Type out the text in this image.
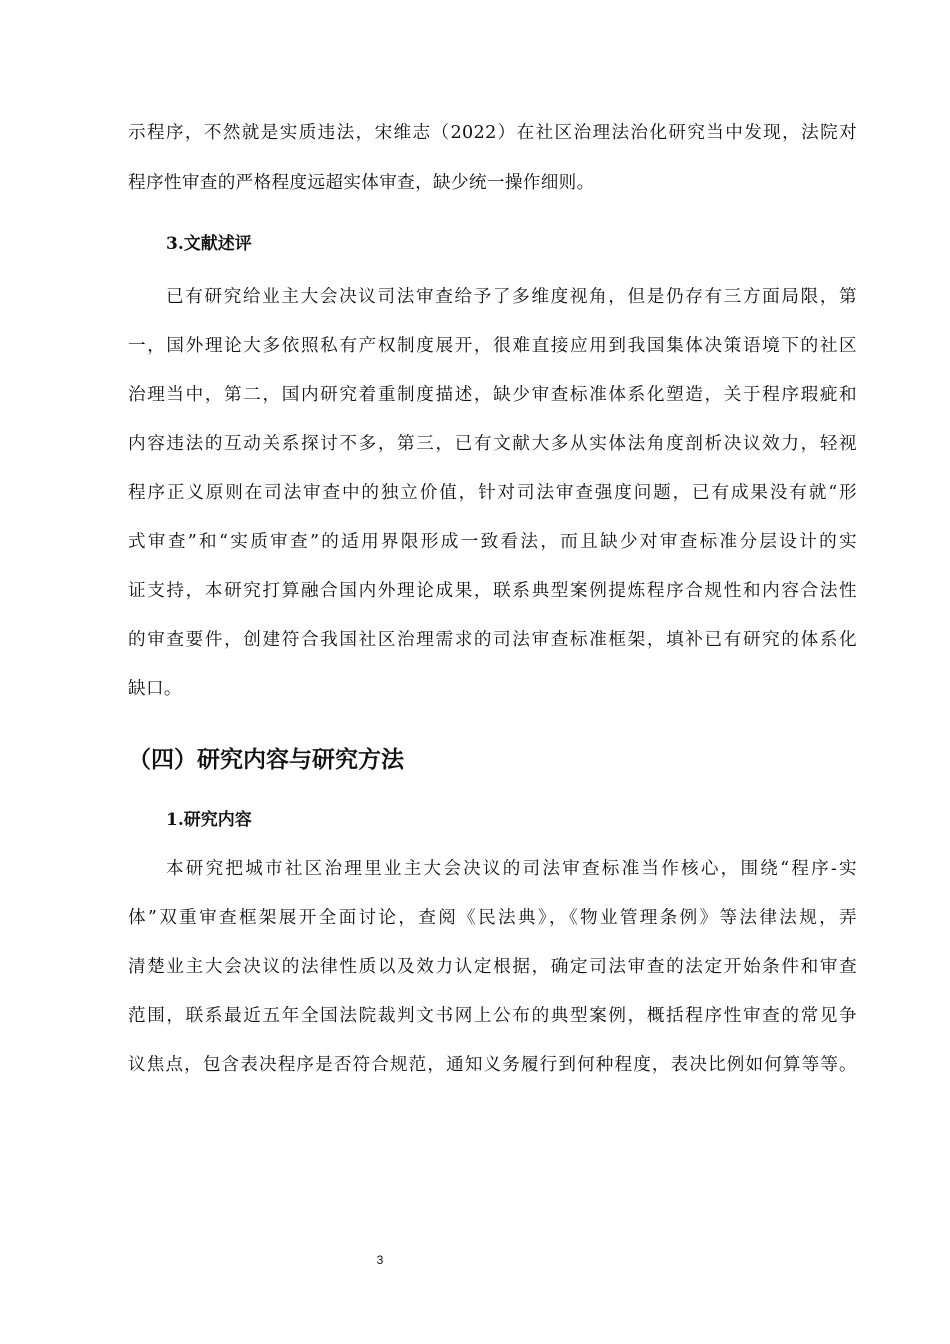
示程序，不然就是实质违法，宋维志（2022）在社区治理法治化研究当中发现，法院对
程序性审查的严格程度远超实体审查，缺少统一操作细则。
3.文献述评
已有研究给业主大会决议司法审查给予了多维度视角，但是仍存有三方面局限，第
一，国外理论大多依照私有产权制度展开，很难直接应用到我国集体决策语境下的社区
治理当中，第二，国内研究着重制度描述，缺少审查标准体系化塑造，关于程序瑕疵和
内容违法的互动关系探讨不多，第三，已有文献大多从实体法角度剖析决议效力，轻视
程序正义原则在司法审查中的独立价值，针对司法审查强度问题，已有成果没有就“形
式审查”和“实质审查”的适用界限形成一致看法，而且缺少对审查标准分层设计的实
证支持，本研究打算融合国内外理论成果，联系典型案例提炼程序合规性和内容合法性
的审查要件，创建符合我国社区治理需求的司法审查标准框架，填补已有研究的体系化
缺口。
（四）研究内容与研究方法
1.研究内容
本研究把城市社区治理里业主大会决议的司法审查标准当作核心，围绕“程序-实
体”双重审查框架展开全面讨论，查阅《民法典》，《物业管理条例》等法律法规，弄
清楚业主大会决议的法律性质以及效力认定根据，确定司法审查的法定开始条件和审查
范围，联系最近五年全国法院裁判文书网上公布的典型案例，概括程序性审查的常见争
议焦点，包含表决程序是否符合规范，通知义务履行到何种程度，表决比例如何算等等。
3
